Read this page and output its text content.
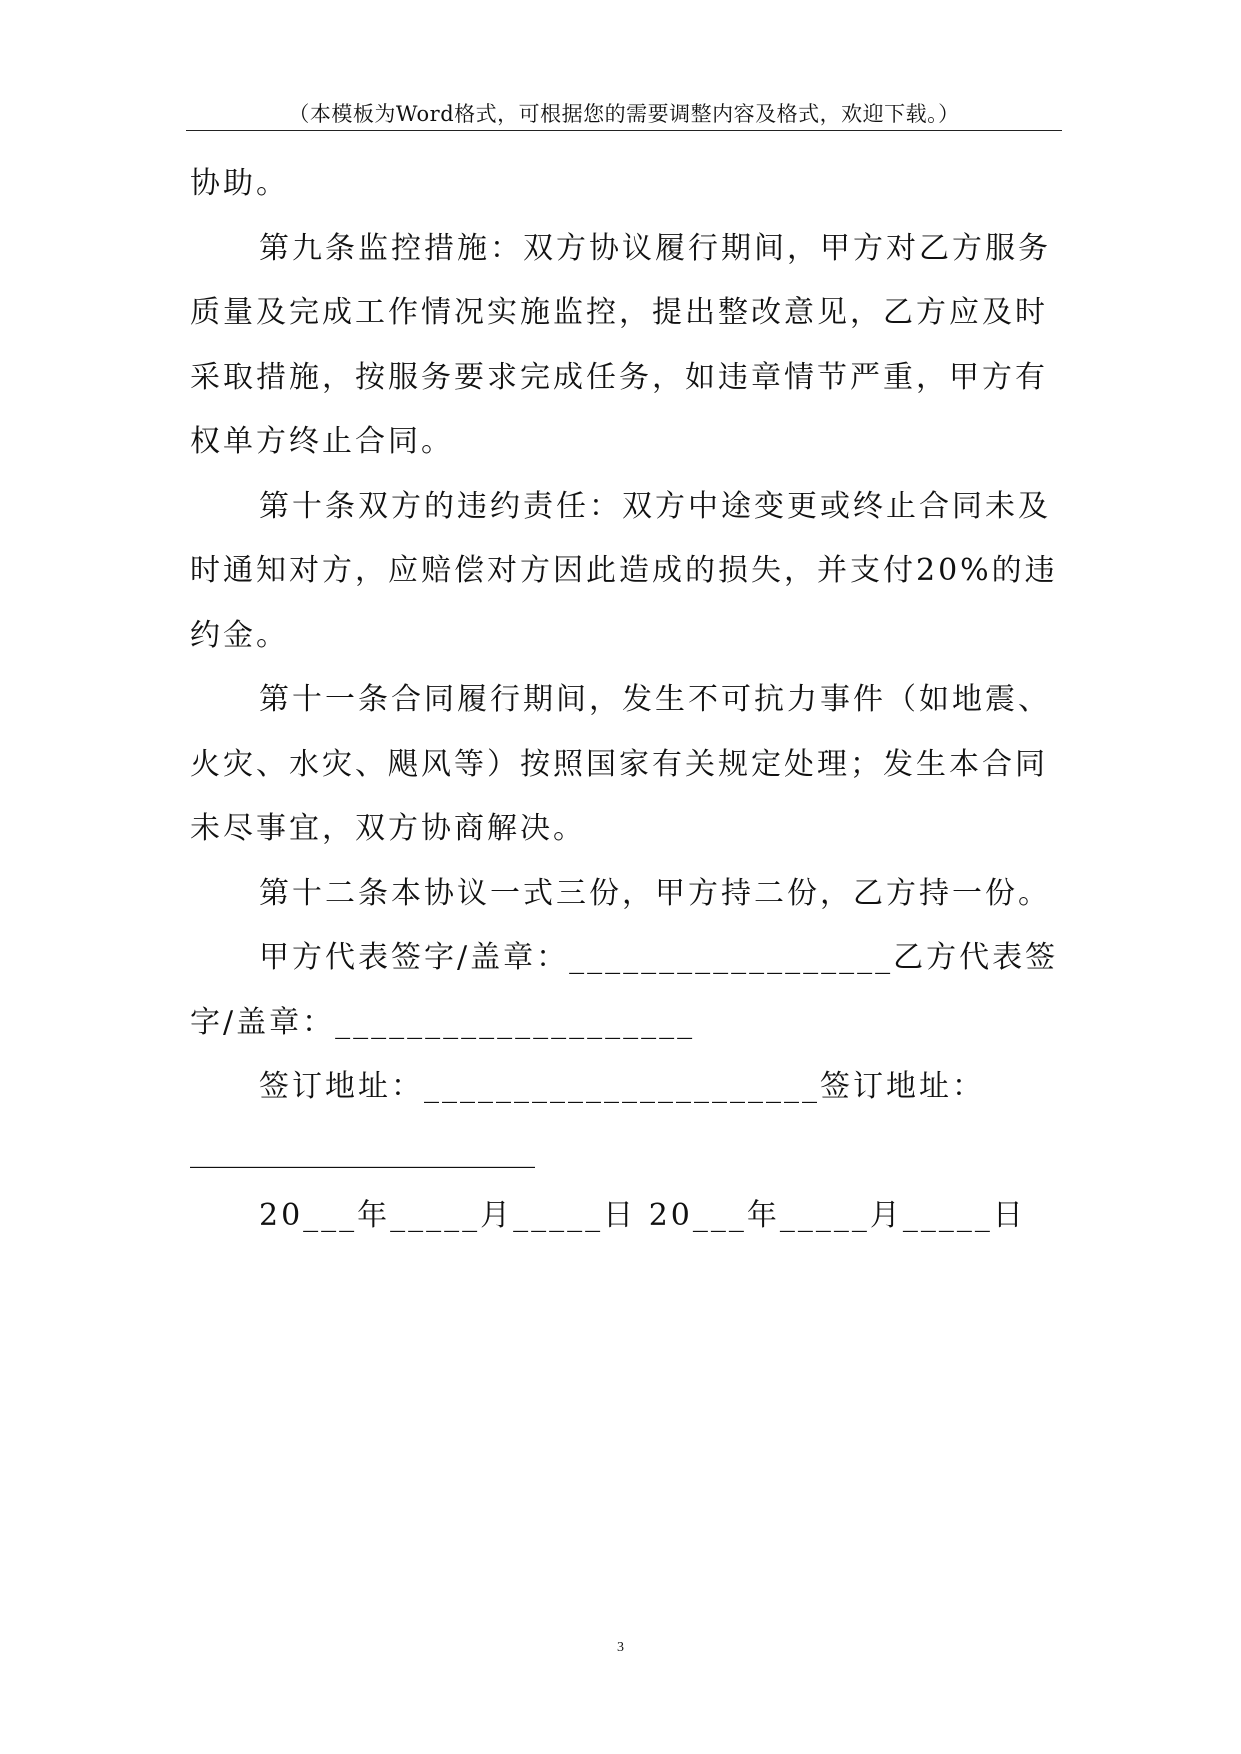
（本模板为Word格式，可根据您的需要调整内容及格式，欢迎下载。）
协助。
第九条监控措施：双方协议履行期间，甲方对乙方服务
质量及完成工作情况实施监控，提出整改意见，乙方应及时
采取措施，按服务要求完成任务，如违章情节严重，甲方有
权单方终止合同。
第十条双方的违约责任：双方中途变更或终止合同未及
时通知对方，应赔偿对方因此造成的损失，并支付20%的违
约金。
第十一条合同履行期间，发生不可抗力事件（如地震、
火灾、水灾、飓风等）按照国家有关规定处理；发生本合同
未尽事宜，双方协商解决。
第十二条本协议一式三份，甲方持二份，乙方持一份。
甲方代表签字/盖章：__________________乙方代表签
字/盖章：____________________
签订地址：______________________签订地址：
_______________________
20___年_____月_____日 20___年_____月_____日
3
